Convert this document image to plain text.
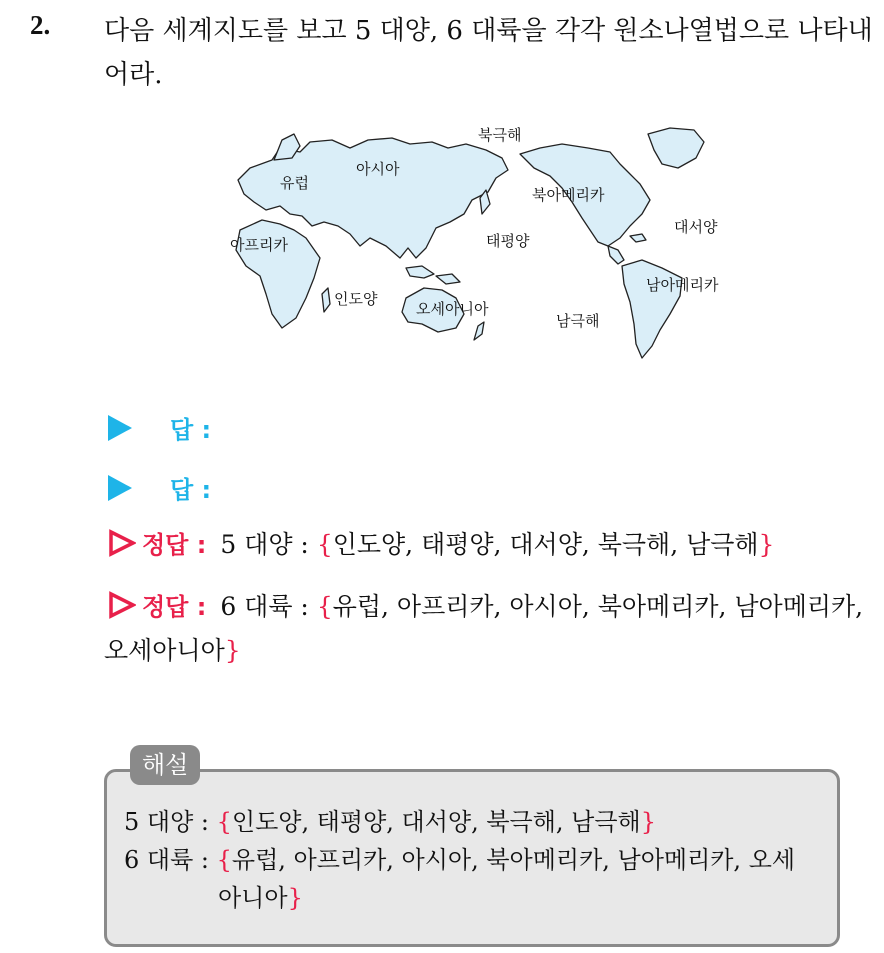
2. 다음 세계지도를 보고 5 대양, 6 대륙을 각각 원소나열법으로 나타내어라.
북극해
아시아
유럽
북아메리카
아프리카	태평양
대서양
인도양
오세아니아
남아메리카
남극해
답 :
답 :
정답 : 5 대양 : {인도양, 태평양, 대서양, 북극해, 남극해}
정답 : 6 대륙 : {유럽, 아프리카, 아시아, 북아메리카, 남아메리카,
오세아니아}
해설
5 대양 : {인도양, 태평양, 대서양, 북극해, 남극해}
6 대륙 : {유럽, 아프리카, 아시아, 북아메리카, 남아메리카, 오세
아니아}
